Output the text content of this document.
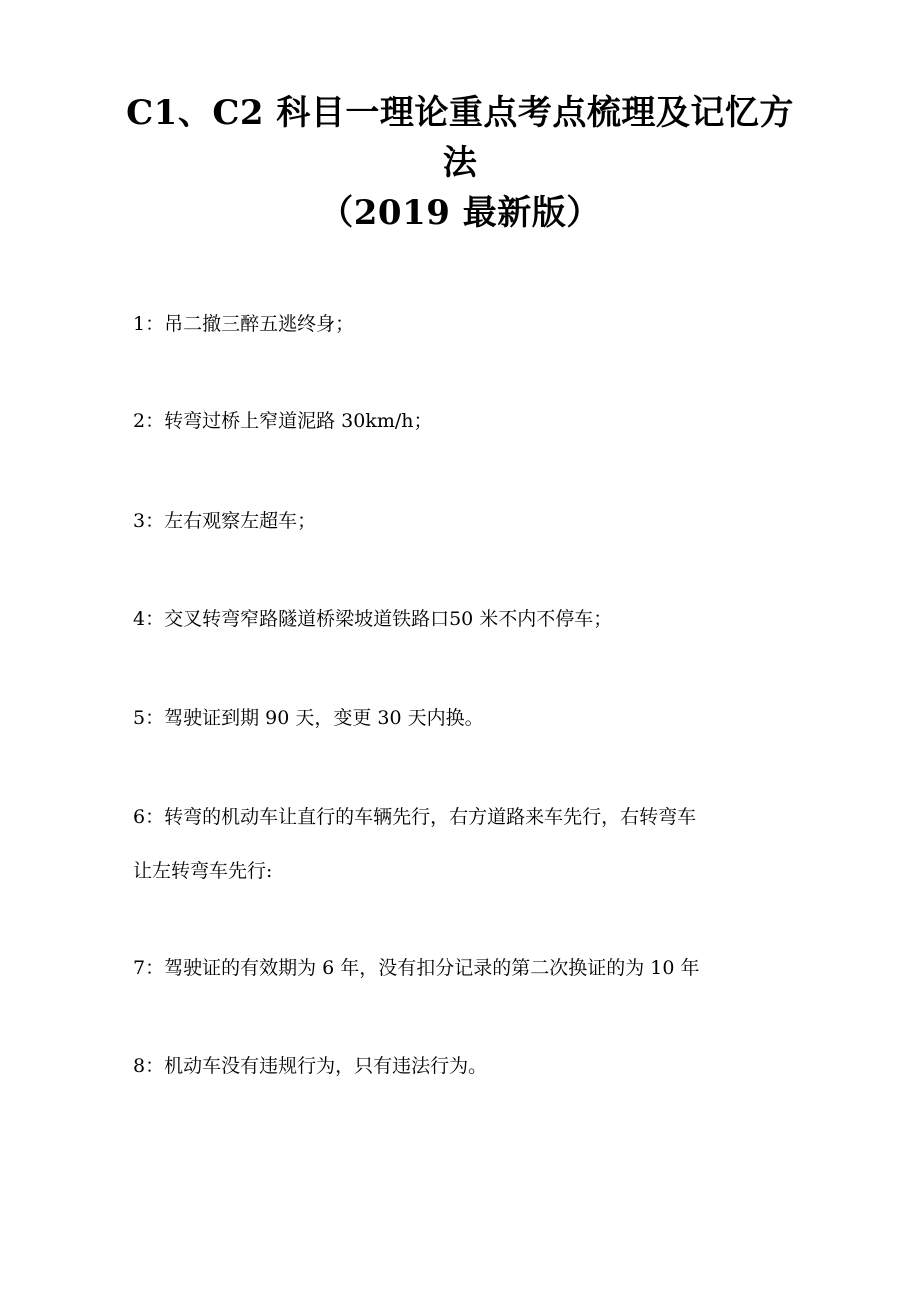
C1、C2 科目一理论重点考点梳理及记忆方
法
（2019 最新版）
1：吊二撤三醉五逃终身；
2：转弯过桥上窄道泥路 30km/h；
3：左右观察左超车；
4：交叉转弯窄路隧道桥梁坡道铁路口50 米不内不停车；
5：驾驶证到期 90 天，变更 30 天内换。
6：转弯的机动车让直行的车辆先行，右方道路来车先行，右转弯车
让左转弯车先行:
7：驾驶证的有效期为 6 年，没有扣分记录的第二次换证的为 10 年
8：机动车没有违规行为，只有违法行为。
